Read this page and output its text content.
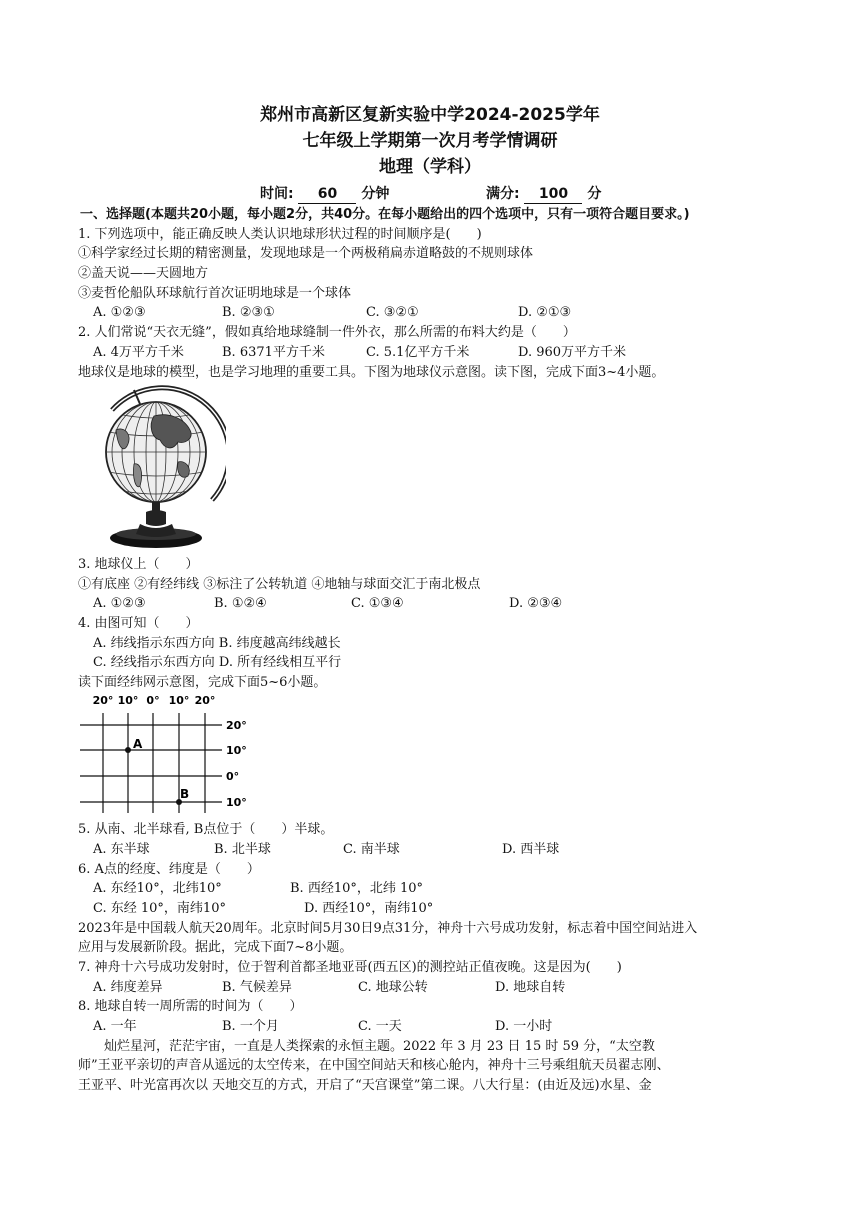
郑州市高新区复新实验中学2024-2025学年
七年级上学期第一次月考学情调研
地理（学科）
时间: 60 分钟	满分: 100 分
一、选择题(本题共20小题，每小题2分，共40分。在每小题给出的四个选项中，只有一项符合题目要求。)
1. 下列选项中，能正确反映人类认识地球形状过程的时间顺序是(　　)
①科学家经过长期的精密测量，发现地球是一个两极稍扁赤道略鼓的不规则球体
②盖天说——天圆地方
③麦哲伦船队环球航行首次证明地球是一个球体
A. ①②③	B. ②③①	C. ③②①	D. ②①③
2. 人们常说“天衣无缝”，假如真给地球缝制一件外衣，那么所需的布料大约是（　　）
A. 4万平方千米	B. 6371平方千米	C. 5.1亿平方千米	D. 960万平方千米
地球仪是地球的模型，也是学习地理的重要工具。下图为地球仪示意图。读下图，完成下面3~4小题。
3. 地球仪上（　　）
①有底座 ②有经纬线 ③标注了公转轨道 ④地轴与球面交汇于南北极点
A. ①②③	B. ①②④	C. ①③④	D. ②③④
4. 由图可知（　　）
A. 纬线指示东西方向 B. 纬度越高纬线越长
C. 经线指示东西方向 D. 所有经线相互平行
读下面经纬网示意图，完成下面5~6小题。
20° 10° 0° 10° 20°
20°
10°
0°
10°
A
B
5. 从南、北半球看, B点位于（　　）半球。
A. 东半球	B. 北半球	C. 南半球	D. 西半球
6. A点的经度、纬度是（　　）
A. 东经10°，北纬10°	B. 西经10°，北纬 10°
C. 东经 10°，南纬10°	D. 西经10°，南纬10°
2023年是中国载人航天20周年。北京时间5月30日9点31分，神舟十六号成功发射，标志着中国空间站进入
应用与发展新阶段。据此，完成下面7~8小题。
7. 神舟十六号成功发射时，位于智利首都圣地亚哥(西五区)的测控站正值夜晚。这是因为(　　)
A. 纬度差异	B. 气候差异	C. 地球公转	D. 地球自转
8. 地球自转一周所需的时间为（　　）
A. 一年	B. 一个月	C. 一天	D. 一小时
　　灿烂星河，茫茫宇宙，一直是人类探索的永恒主题。2022 年 3 月 23 日 15 时 59 分，“太空教
师”王亚平亲切的声音从遥远的太空传来，在中国空间站天和核心舱内，神舟十三号乘组航天员翟志刚、
王亚平、叶光富再次以 天地交互的方式，开启了“天宫课堂”第二课。八大行星：(由近及远)水星、金
